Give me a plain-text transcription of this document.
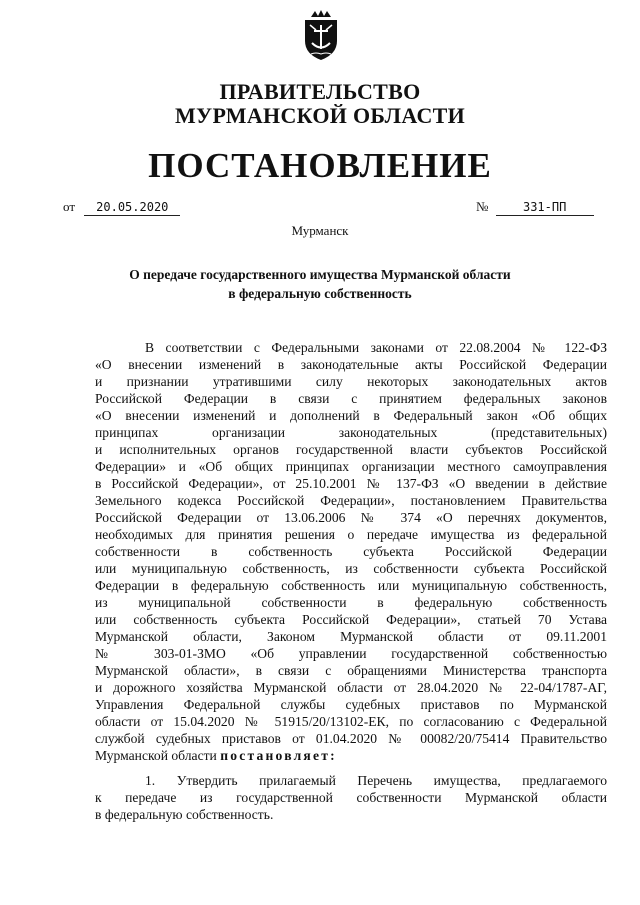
ПРАВИТЕЛЬСТВО
МУРМАНСКОЙ ОБЛАСТИ
ПОСТАНОВЛЕНИЕ
от 20.05.2020	№	331-ПП
Мурманск
О передаче государственного имущества Мурманской области
в федеральную собственность
В соответствии с Федеральными законами от 22.08.2004 № 122-ФЗ
«О внесении изменений в законодательные акты Российской Федерации
и признании утратившими силу некоторых законодательных актов
Российской Федерации в связи с принятием федеральных законов
«О внесении изменений и дополнений в Федеральный закон «Об общих
принципах организации законодательных (представительных)
и исполнительных органов государственной власти субъектов Российской
Федерации» и «Об общих принципах организации местного самоуправления
в Российской Федерации», от 25.10.2001 № 137-ФЗ «О введении в действие
Земельного кодекса Российской Федерации», постановлением Правительства
Российской Федерации от 13.06.2006 № 374 «О перечнях документов,
необходимых для принятия решения о передаче имущества из федеральной
собственности в собственность субъекта Российской Федерации
или муниципальную собственность, из собственности субъекта Российской
Федерации в федеральную собственность или муниципальную собственность,
из муниципальной собственности в федеральную собственность
или собственность субъекта Российской Федерации», статьей 70 Устава
Мурманской области, Законом Мурманской области от 09.11.2001
№ 303-01-ЗМО «Об управлении государственной собственностью
Мурманской области», в связи с обращениями Министерства транспорта
и дорожного хозяйства Мурманской области от 28.04.2020 № 22-04/1787-АГ,
Управления Федеральной службы судебных приставов по Мурманской
области от 15.04.2020 № 51915/20/13102-ЕК, по согласованию с Федеральной
службой судебных приставов от 01.04.2020 № 00082/20/75414 Правительство
Мурманской области постановляет:
1. Утвердить прилагаемый Перечень имущества, предлагаемого
к передаче из государственной собственности Мурманской области
в федеральную собственность.
